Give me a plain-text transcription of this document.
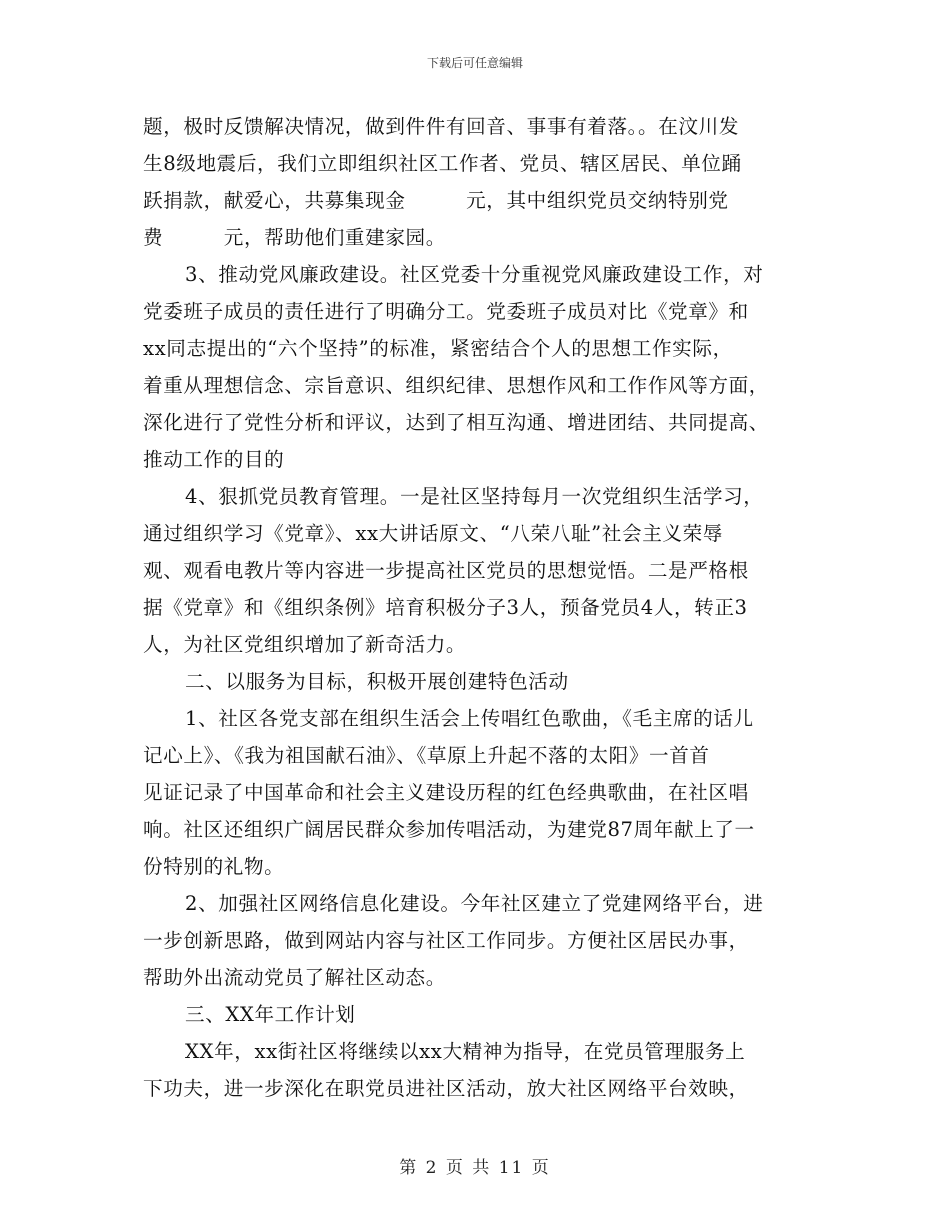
下载后可任意编辑
题，极时反馈解决情况，做到件件有回音、事事有着落。。在汶川发
生8级地震后，我们立即组织社区工作者、党员、辖区居民、单位踊
跃捐款，献爱心，共募集现金　　　元，其中组织党员交纳特别党
费　　　元，帮助他们重建家园。
3、推动党风廉政建设。社区党委十分重视党风廉政建设工作，对
党委班子成员的责任进行了明确分工。党委班子成员对比《党章》和
xx同志提出的“六个坚持”的标准，紧密结合个人的思想工作实际，
着重从理想信念、宗旨意识、组织纪律、思想作风和工作作风等方面，
深化进行了党性分析和评议，达到了相互沟通、增进团结、共同提高、
推动工作的目的
4、狠抓党员教育管理。一是社区坚持每月一次党组织生活学习，
通过组织学习《党章》、xx大讲话原文、“八荣八耻”社会主义荣辱
观、观看电教片等内容进一步提高社区党员的思想觉悟。二是严格根
据《党章》和《组织条例》培育积极分子3人，预备党员4人，转正3
人，为社区党组织增加了新奇活力。
二、以服务为目标，积极开展创建特色活动
1、社区各党支部在组织生活会上传唱红色歌曲，《毛主席的话儿
记心上》、《我为祖国献石油》、《草原上升起不落的太阳》一首首
见证记录了中国革命和社会主义建设历程的红色经典歌曲，在社区唱
响。社区还组织广阔居民群众参加传唱活动，为建党87周年献上了一
份特别的礼物。
2、加强社区网络信息化建设。今年社区建立了党建网络平台，进
一步创新思路，做到网站内容与社区工作同步。方便社区居民办事，
帮助外出流动党员了解社区动态。
三、XX年工作计划
XX年，xx街社区将继续以xx大精神为指导，在党员管理服务上
下功夫，进一步深化在职党员进社区活动，放大社区网络平台效映，
第 2 页 共 11 页
